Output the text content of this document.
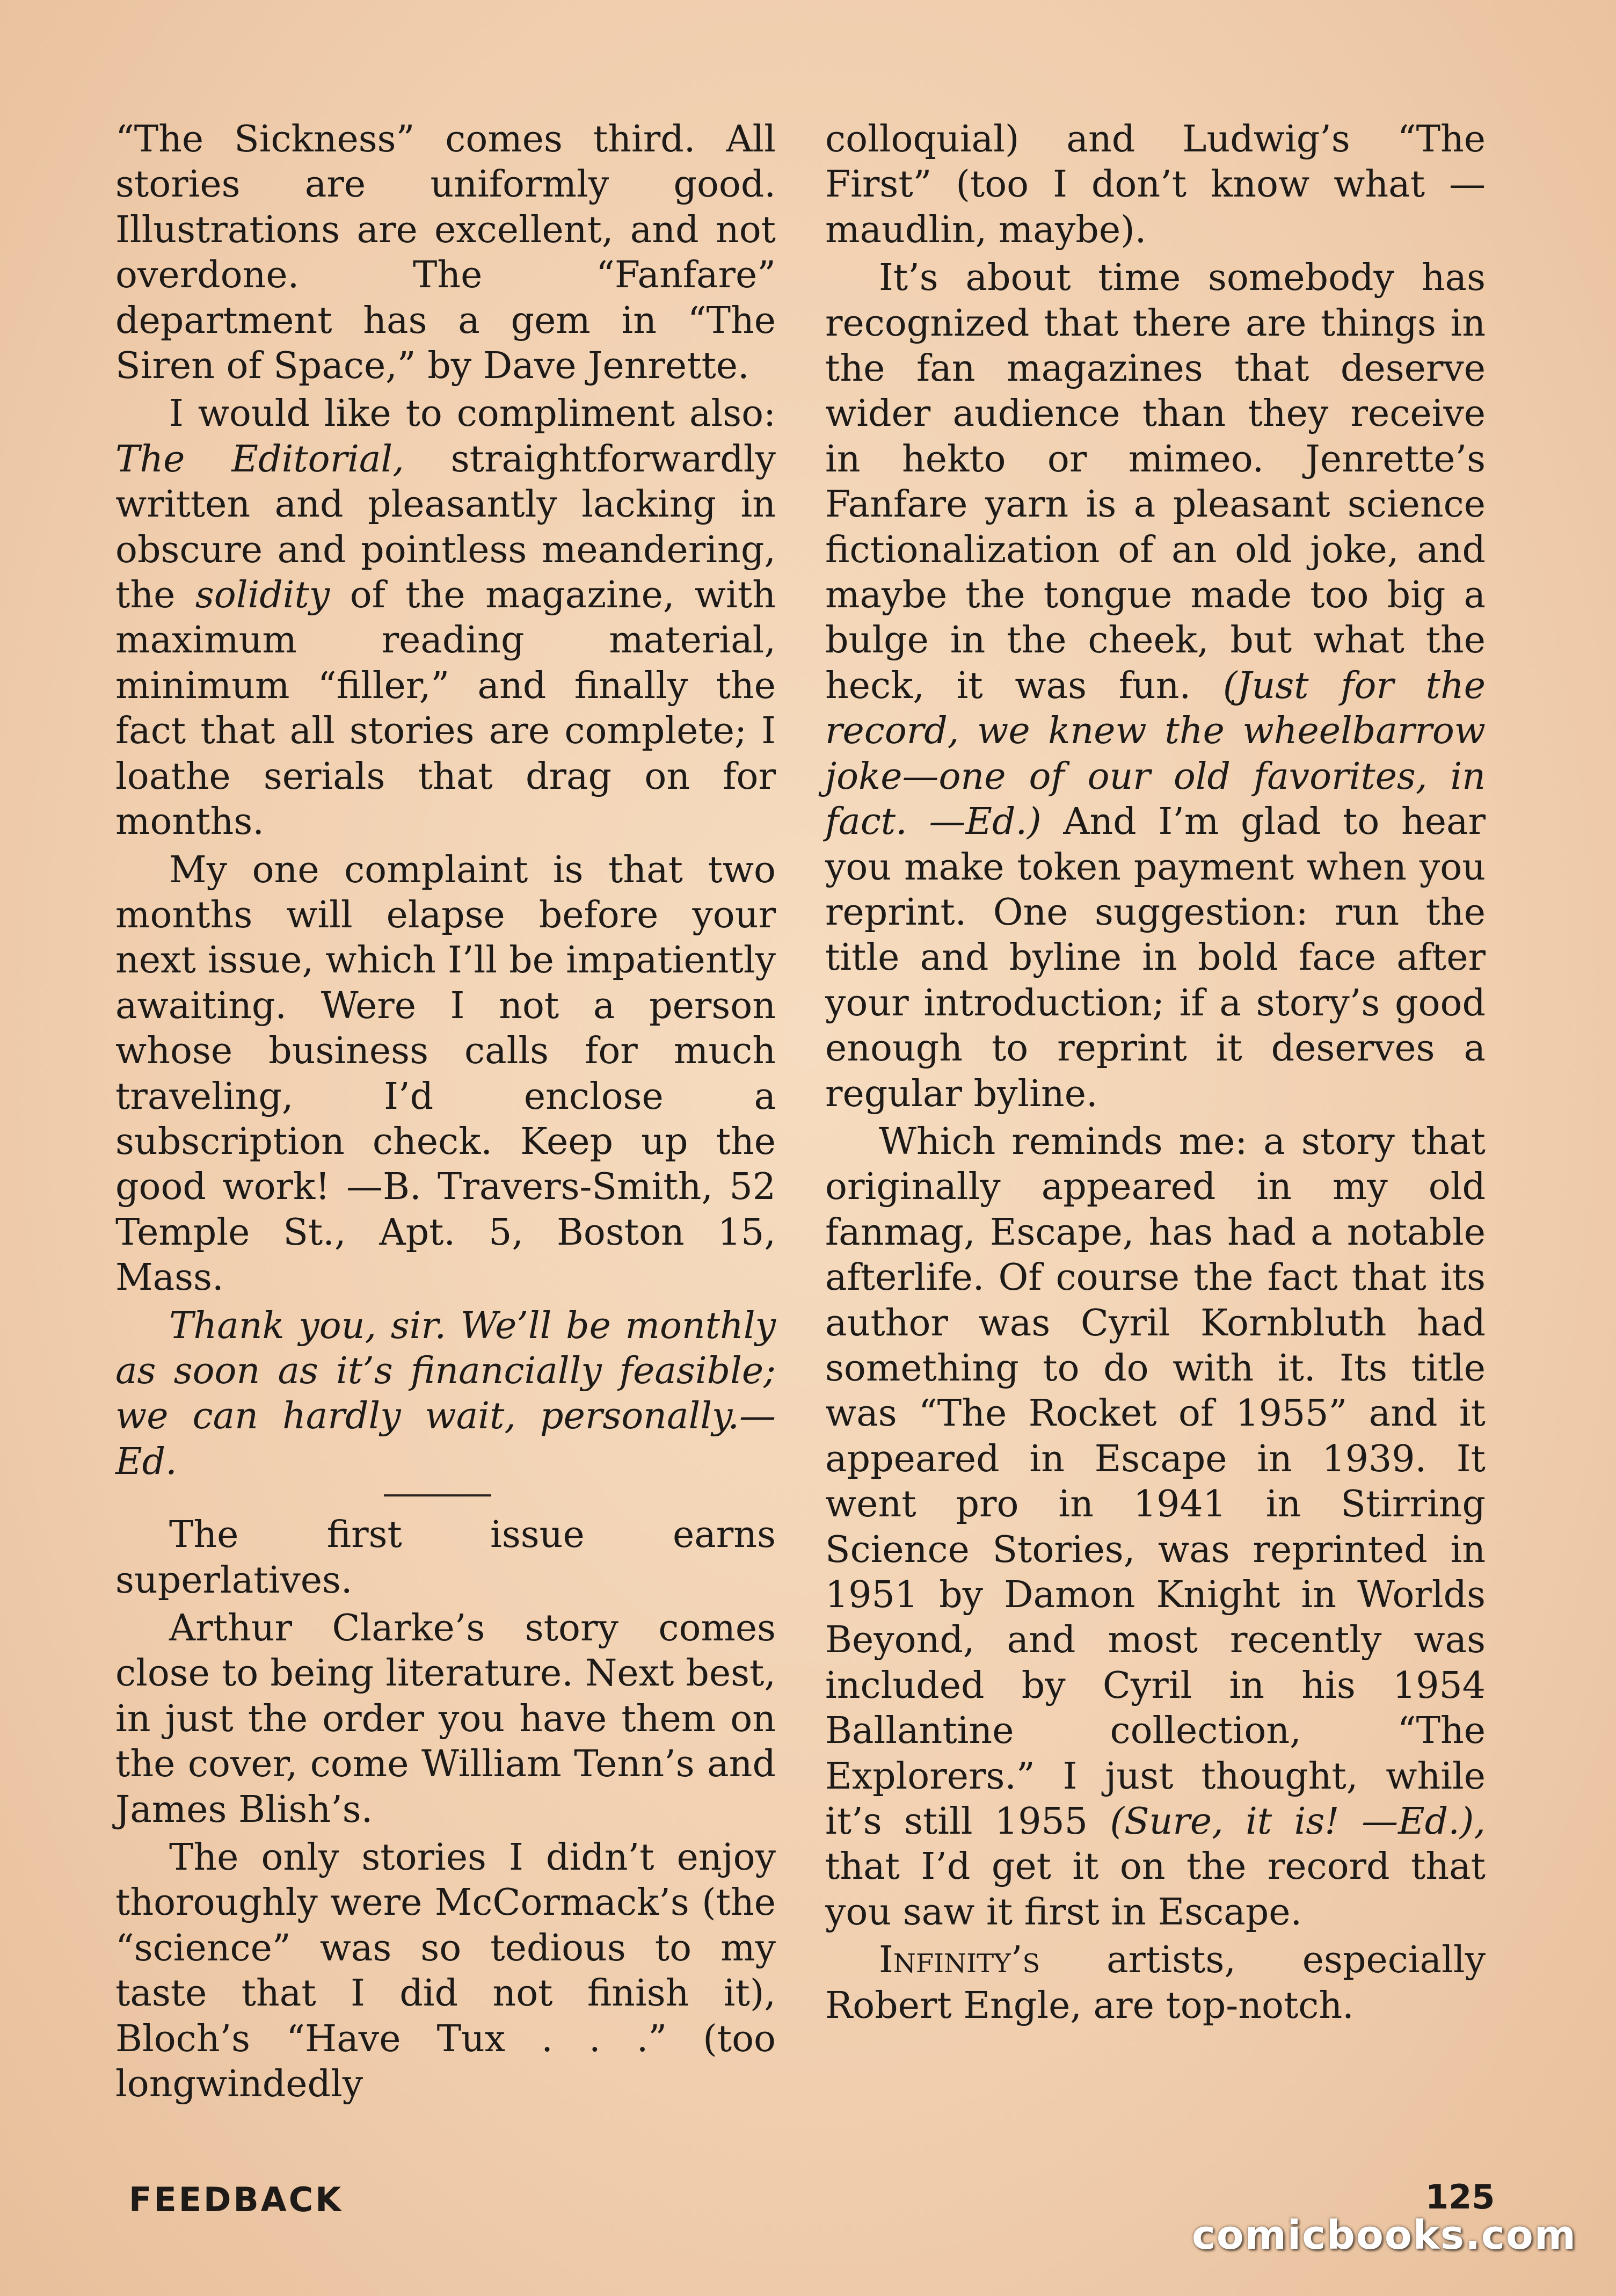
“The Sickness” comes third. All stories are uniformly good. Illustrations are excellent, and not overdone. The “Fanfare” department has a gem in “The Siren of Space,” by Dave Jenrette.

I would like to compliment also: The Editorial, straightforwardly written and pleasantly lacking in obscure and pointless meandering, the solidity of the magazine, with maximum reading material, minimum “filler,” and finally the fact that all stories are complete; I loathe serials that drag on for months.

My one complaint is that two months will elapse before your next issue, which I’ll be impatiently awaiting. Were I not a person whose business calls for much traveling, I’d enclose a subscription check. Keep up the good work! —B. Travers-Smith, 52 Temple St., Apt. 5, Boston 15, Mass.

Thank you, sir. We’ll be monthly as soon as it’s financially feasible; we can hardly wait, personally.—Ed.

The first issue earns superlatives.

Arthur Clarke’s story comes close to being literature. Next best, in just the order you have them on the cover, come William Tenn’s and James Blish’s.

The only stories I didn’t enjoy thoroughly were McCormack’s (the “science” was so tedious to my taste that I did not finish it), Bloch’s “Have Tux . . .” (too longwindedly

colloquial) and Ludwig’s “The First” (too I don’t know what —maudlin, maybe).

It’s about time somebody has recognized that there are things in the fan magazines that deserve wider audience than they receive in hekto or mimeo. Jenrette’s Fanfare yarn is a pleasant science fictionalization of an old joke, and maybe the tongue made too big a bulge in the cheek, but what the heck, it was fun. (Just for the record, we knew the wheelbarrow joke—one of our old favorites, in fact. —Ed.) And I’m glad to hear you make token payment when you reprint. One suggestion: run the title and byline in bold face after your introduction; if a story’s good enough to reprint it deserves a regular byline.

Which reminds me: a story that originally appeared in my old fanmag, Escape, has had a notable afterlife. Of course the fact that its author was Cyril Kornbluth had something to do with it. Its title was “The Rocket of 1955” and it appeared in Escape in 1939. It went pro in 1941 in Stirring Science Stories, was reprinted in 1951 by Damon Knight in Worlds Beyond, and most recently was included by Cyril in his 1954 Ballantine collection, “The Explorers.” I just thought, while it’s still 1955 (Sure, it is! —Ed.), that I’d get it on the record that you saw it first in Escape.

Infinity’s artists, especially Robert Engle, are top-notch.

FEEDBACK	125
comicbooks.com
